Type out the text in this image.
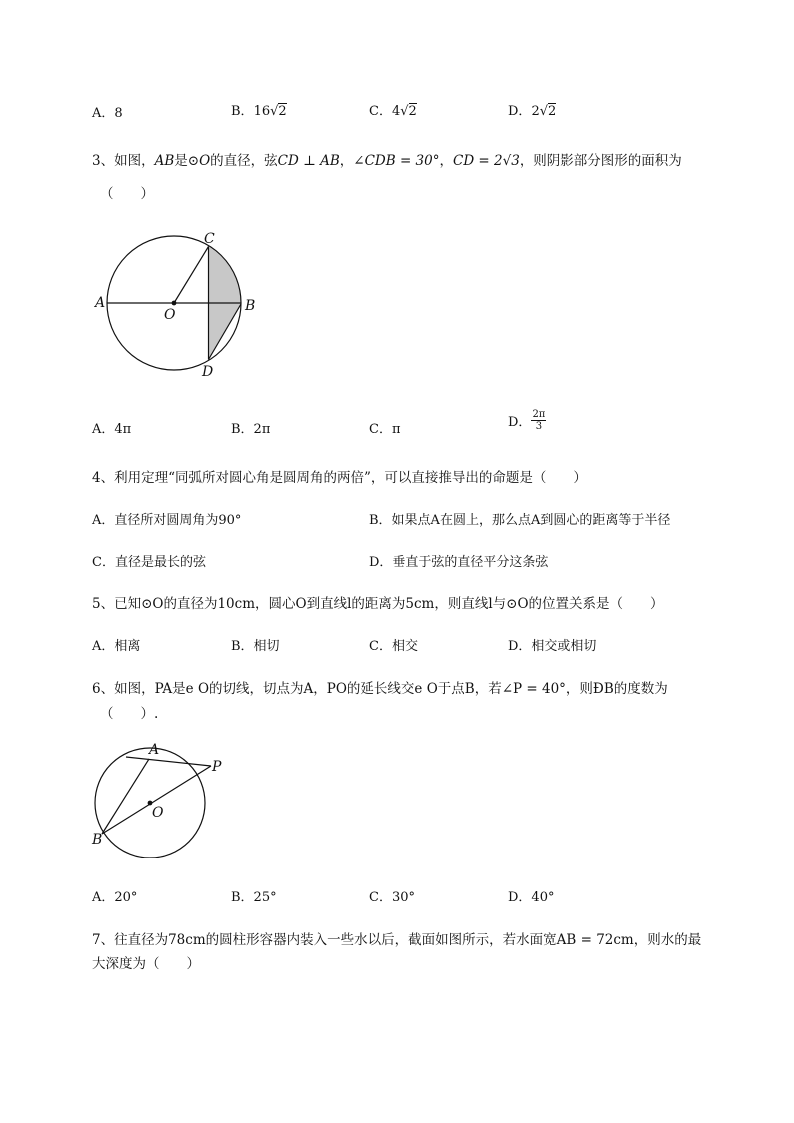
A．8	B．16√2	C．4√2	D．2√2
3、如图，AB是⊙O的直径，弦CD ⊥ AB，∠CDB = 30°，CD = 2√3，则阴影部分图形的面积为
（　　）
A	B
C
D
O
A．4π	B．2π	C．π	D． $\frac{2\pi}{3}$
4、利用定理“同弧所对圆心角是圆周角的两倍”，可以直接推导出的命题是（　　）
A．直径所对圆周角为90°	B．如果点A在圆上，那么点A到圆心的距离等于半径
C．直径是最长的弦	D．垂直于弦的直径平分这条弦
5、已知⊙O的直径为10cm，圆心O到直线l的距离为5cm，则直线l与⊙O的位置关系是（　　）
A．相离	B．相切	C．相交	D．相交或相切
6、如图，PA是e O的切线，切点为A，PO的延长线交e O于点B，若∠P = 40°，则ÐB的度数为
（　　）.
A
P
O
B
A．20°	B．25°	C．30°	D．40°
7、往直径为78cm的圆柱形容器内装入一些水以后，截面如图所示，若水面宽AB = 72cm，则水的最
大深度为（　　）
